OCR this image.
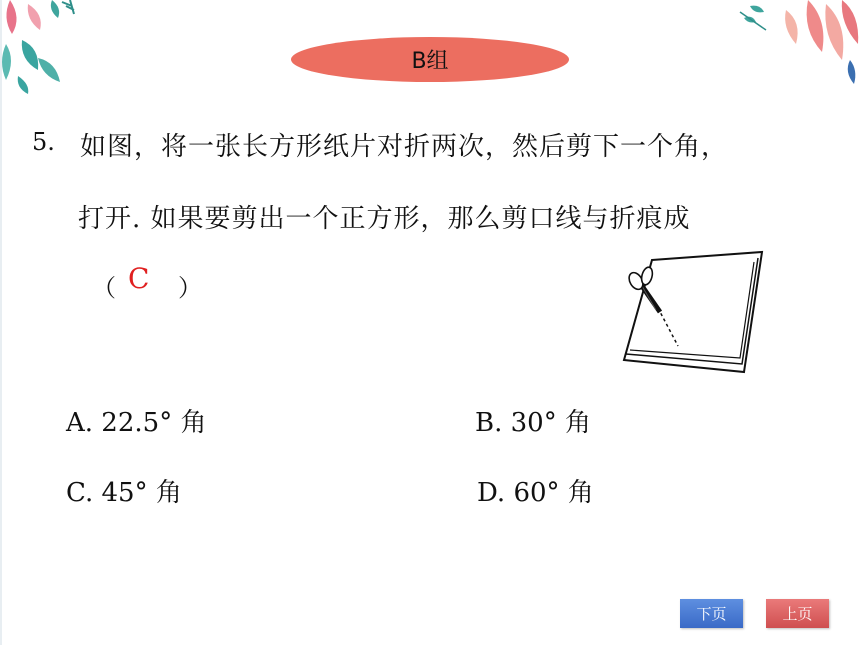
B组
5. 如图，将一张长方形纸片对折两次，然后剪下一个角，
打开. 如果要剪出一个正方形，那么剪口线与折痕成
（ C ）
A. 22.5° 角	B. 30° 角
C. 45° 角	D. 60° 角
下页	上页
